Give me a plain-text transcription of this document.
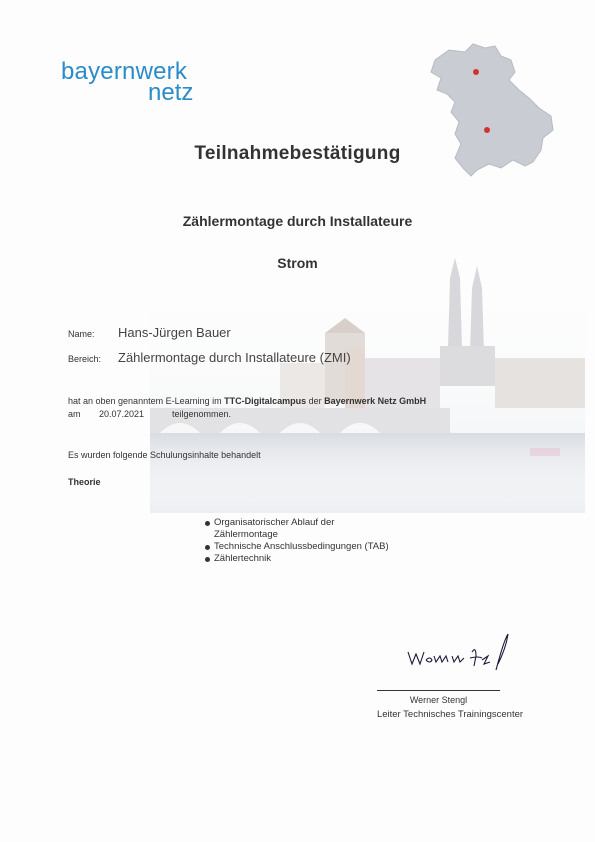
bayernwerk
netz
Teilnahmebestätigung
Zählermontage durch Installateure
Strom
Name: Hans-Jürgen Bauer
Bereich: Zählermontage durch Installateure (ZMI)
hat an oben genanntem E-Learning im TTC-Digitalcampus der Bayernwerk Netz GmbH
am 20.07.2021	teilgenommen.
Es wurden folgende Schulungsinhalte behandelt
Theorie
Organisatorischer Ablauf der
Zählermontage
Technische Anschlussbedingungen (TAB)
Zählertechnik
Werner Stengl
Leiter Technisches Trainingscenter
